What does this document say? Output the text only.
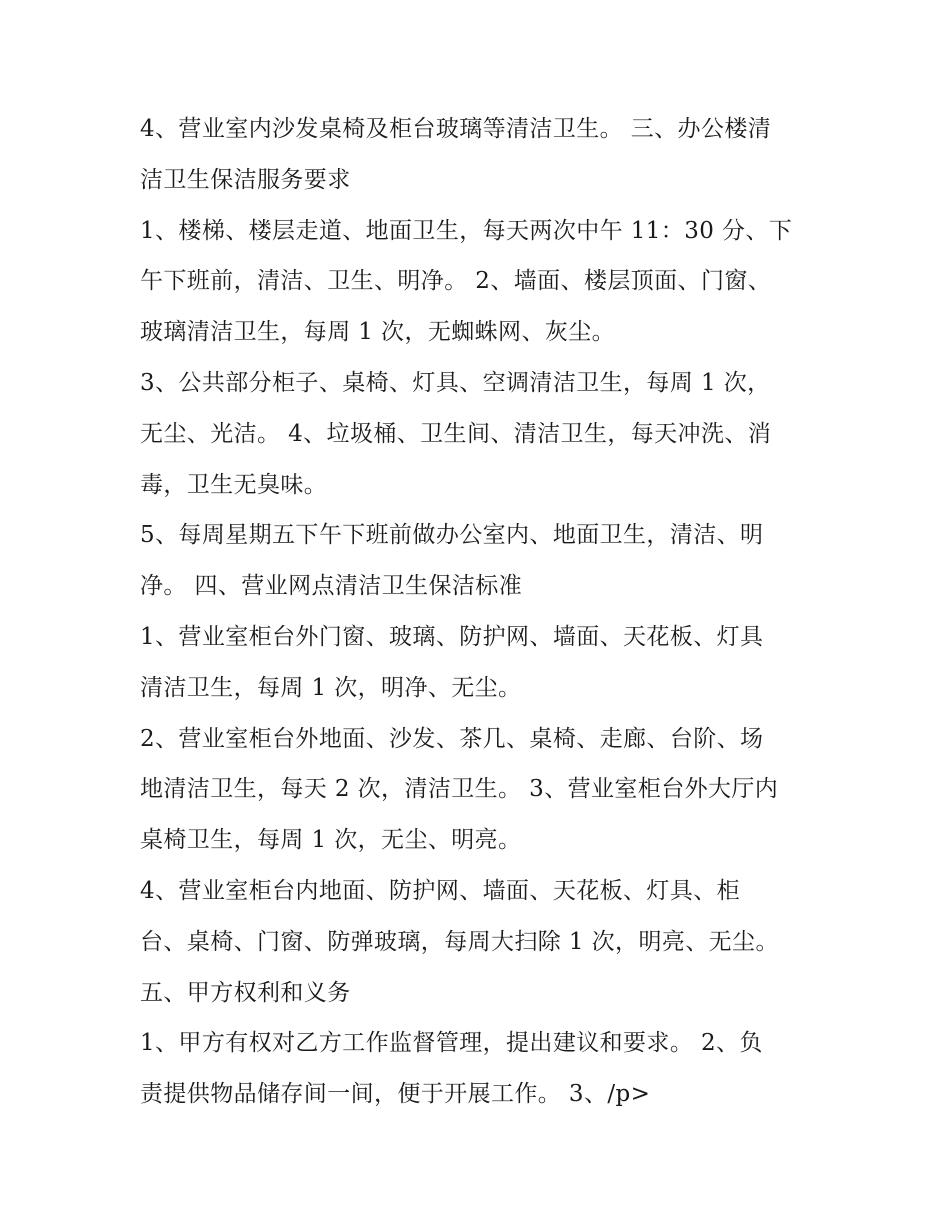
4、营业室内沙发桌椅及柜台玻璃等清洁卫生。 三、办公楼清
洁卫生保洁服务要求
1、楼梯、楼层走道、地面卫生，每天两次中午 11：30 分、下
午下班前，清洁、卫生、明净。 2、墙面、楼层顶面、门窗、
玻璃清洁卫生，每周 1 次，无蜘蛛网、灰尘。
3、公共部分柜子、桌椅、灯具、空调清洁卫生，每周 1 次，
无尘、光洁。 4、垃圾桶、卫生间、清洁卫生，每天冲洗、消
毒，卫生无臭味。
5、每周星期五下午下班前做办公室内、地面卫生，清洁、明
净。 四、营业网点清洁卫生保洁标准
1、营业室柜台外门窗、玻璃、防护网、墙面、天花板、灯具
清洁卫生，每周 1 次，明净、无尘。
2、营业室柜台外地面、沙发、茶几、桌椅、走廊、台阶、场
地清洁卫生，每天 2 次，清洁卫生。 3、营业室柜台外大厅内
桌椅卫生，每周 1 次，无尘、明亮。
4、营业室柜台内地面、防护网、墙面、天花板、灯具、柜
台、桌椅、门窗、防弹玻璃，每周大扫除 1 次，明亮、无尘。
五、甲方权利和义务
1、甲方有权对乙方工作监督管理，提出建议和要求。 2、负
责提供物品储存间一间，便于开展工作。 3、/p>
